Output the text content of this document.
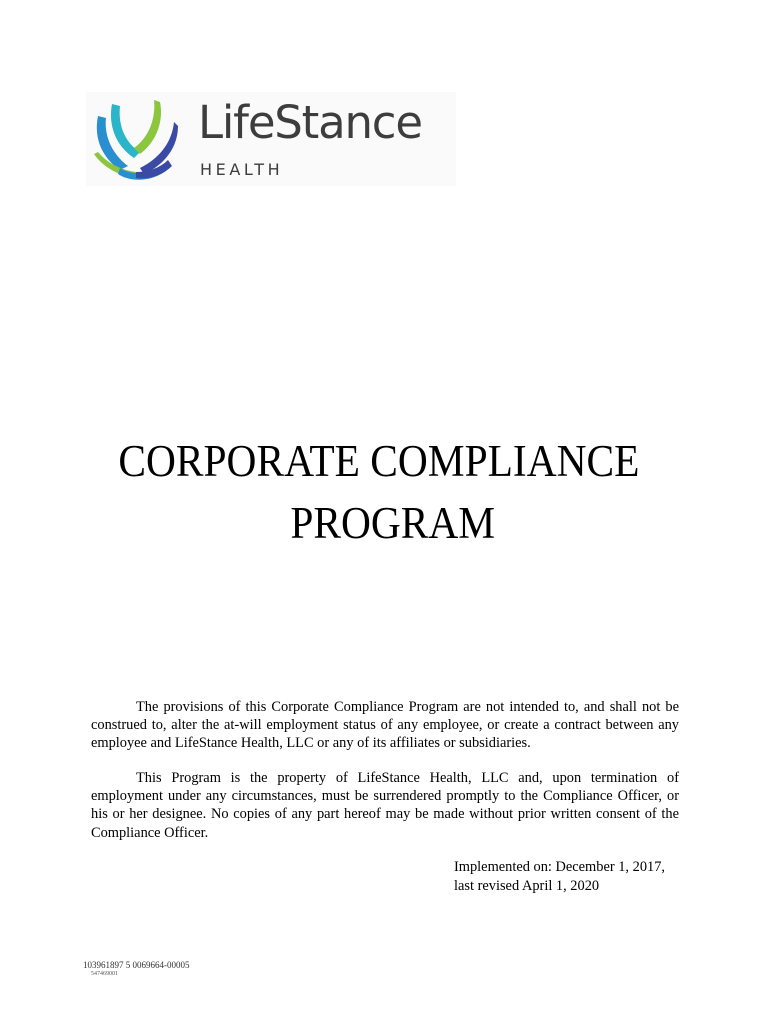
LifeStance
HEALTH
CORPORATE COMPLIANCE
PROGRAM

The provisions of this Corporate Compliance Program are not intended to, and shall not be construed to, alter the at-will employment status of any employee, or create a contract between any employee and LifeStance Health, LLC or any of its affiliates or subsidiaries.

This Program is the property of LifeStance Health, LLC and, upon termination of employment under any circumstances, must be surrendered promptly to the Compliance Officer, or his or her designee. No copies of any part hereof may be made without prior written consent of the Compliance Officer.

Implemented on: December 1, 2017,
last revised April 1, 2020
103961897 5 0069664-00005
547469001
